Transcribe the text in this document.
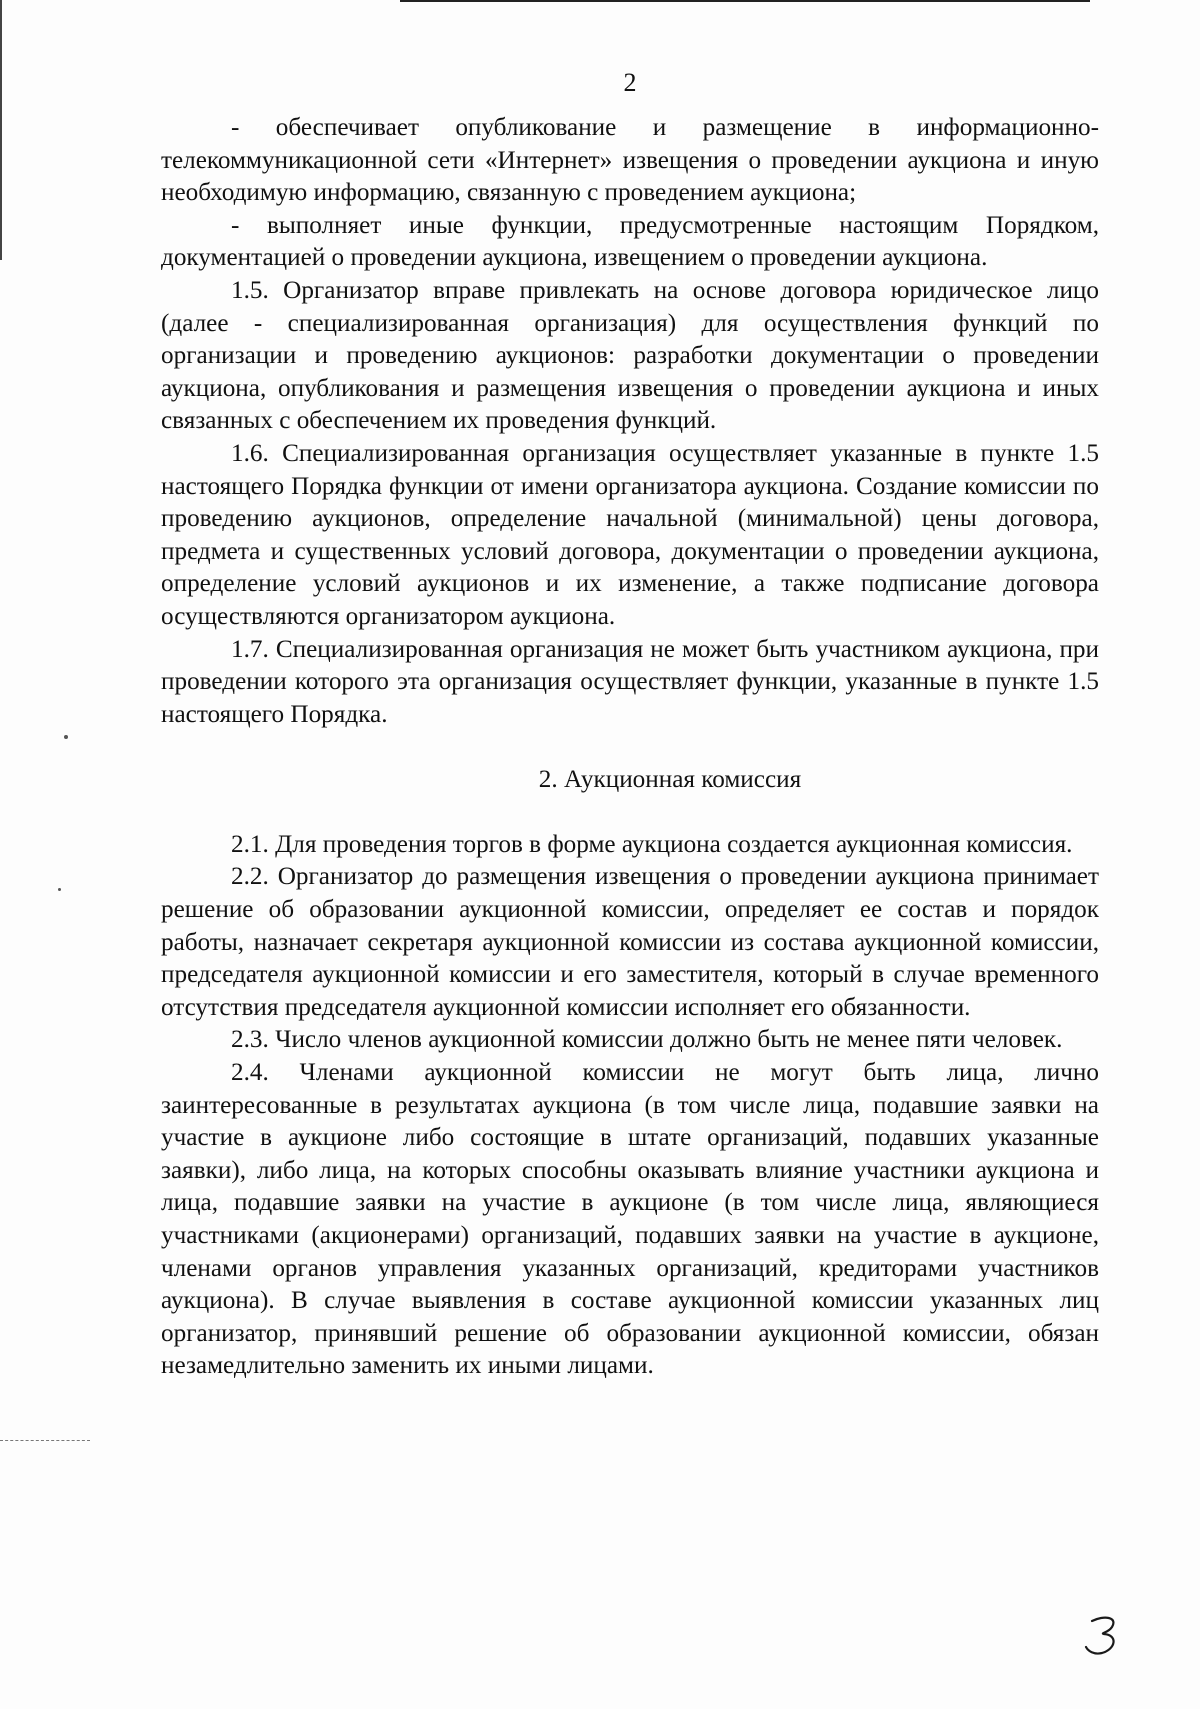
2

- обеспечивает опубликование и размещение в информационно-телекоммуникационной сети «Интернет» извещения о проведении аукциона и иную необходимую информацию, связанную с проведением аукциона;

- выполняет иные функции, предусмотренные настоящим Порядком, документацией о проведении аукциона, извещением о проведении аукциона.

1.5. Организатор вправе привлекать на основе договора юридическое лицо (далее - специализированная организация) для осуществления функций по организации и проведению аукционов: разработки документации о проведении аукциона, опубликования и размещения извещения о проведении аукциона и иных связанных с обеспечением их проведения функций.

1.6. Специализированная организация осуществляет указанные в пункте 1.5 настоящего Порядка функции от имени организатора аукциона. Создание комиссии по проведению аукционов, определение начальной (минимальной) цены договора, предмета и существенных условий договора, документации о проведении аукциона, определение условий аукционов и их изменение, а также подписание договора осуществляются организатором аукциона.

1.7. Специализированная организация не может быть участником аукциона, при проведении которого эта организация осуществляет функции, указанные в пункте 1.5 настоящего Порядка.

2. Аукционная комиссия

2.1. Для проведения торгов в форме аукциона создается аукционная комиссия.

2.2. Организатор до размещения извещения о проведении аукциона принимает решение об образовании аукционной комиссии, определяет ее состав и порядок работы, назначает секретаря аукционной комиссии из состава аукционной комиссии, председателя аукционной комиссии и его заместителя, который в случае временного отсутствия председателя аукционной комиссии исполняет его обязанности.

2.3. Число членов аукционной комиссии должно быть не менее пяти человек.

2.4. Членами аукционной комиссии не могут быть лица, лично заинтересованные в результатах аукциона (в том числе лица, подавшие заявки на участие в аукционе либо состоящие в штате организаций, подавших указанные заявки), либо лица, на которых способны оказывать влияние участники аукциона и лица, подавшие заявки на участие в аукционе (в том числе лица, являющиеся участниками (акционерами) организаций, подавших заявки на участие в аукционе, членами органов управления указанных организаций, кредиторами участников аукциона). В случае выявления в составе аукционной комиссии указанных лиц организатор, принявший решение об образовании аукционной комиссии, обязан незамедлительно заменить их иными лицами.
